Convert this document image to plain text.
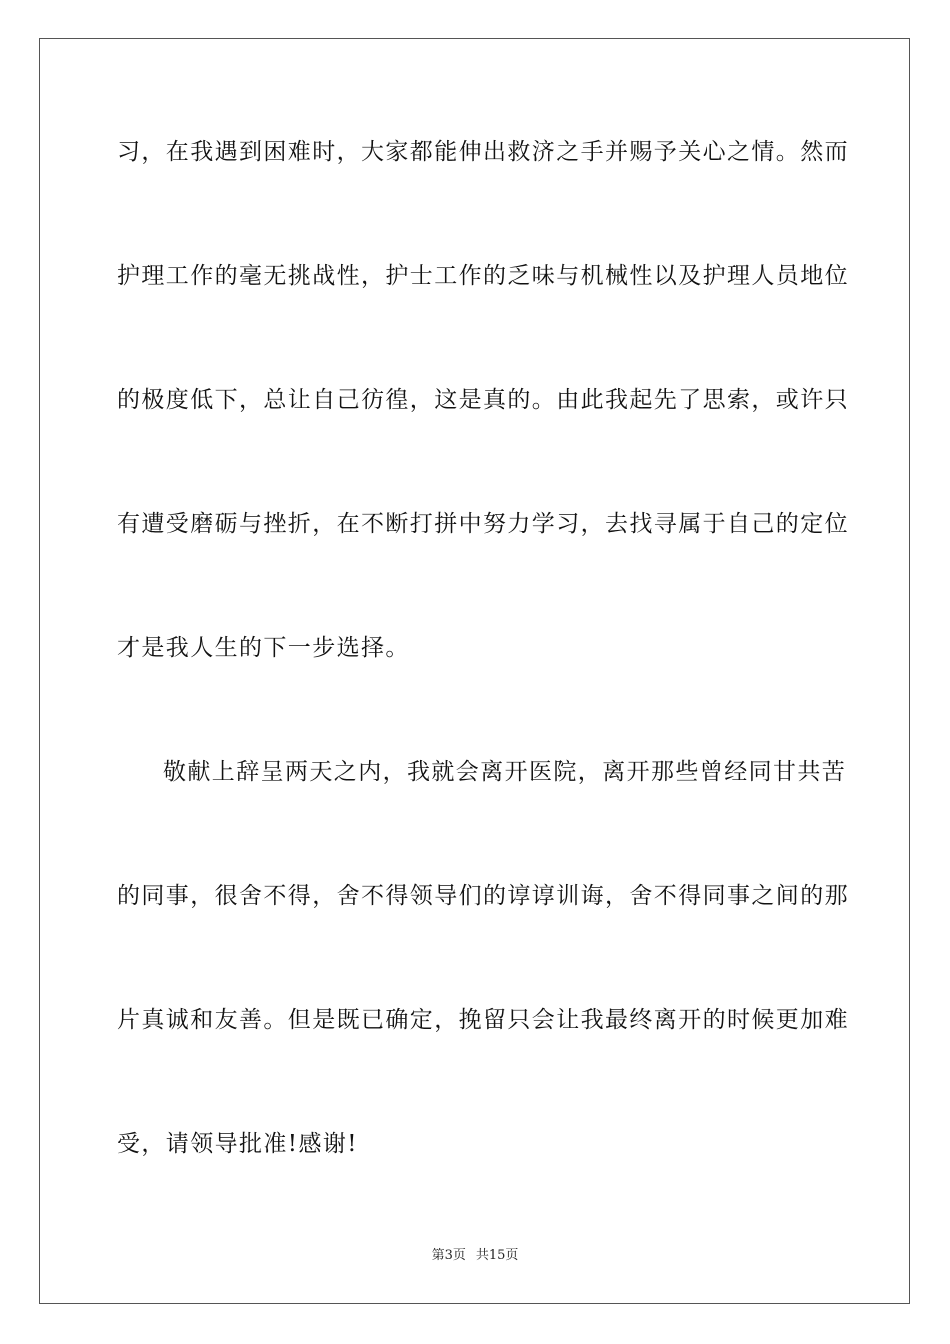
习，在我遇到困难时，大家都能伸出救济之手并赐予关心之情。然而
护理工作的毫无挑战性，护士工作的乏味与机械性以及护理人员地位
的极度低下，总让自己彷徨，这是真的。由此我起先了思索，或许只
有遭受磨砺与挫折，在不断打拼中努力学习，去找寻属于自己的定位
才是我人生的下一步选择。
敬献上辞呈两天之内，我就会离开医院，离开那些曾经同甘共苦
的同事，很舍不得，舍不得领导们的谆谆训诲，舍不得同事之间的那
片真诚和友善。但是既已确定，挽留只会让我最终离开的时候更加难
受，请领导批准!感谢!
第3页 共15页
